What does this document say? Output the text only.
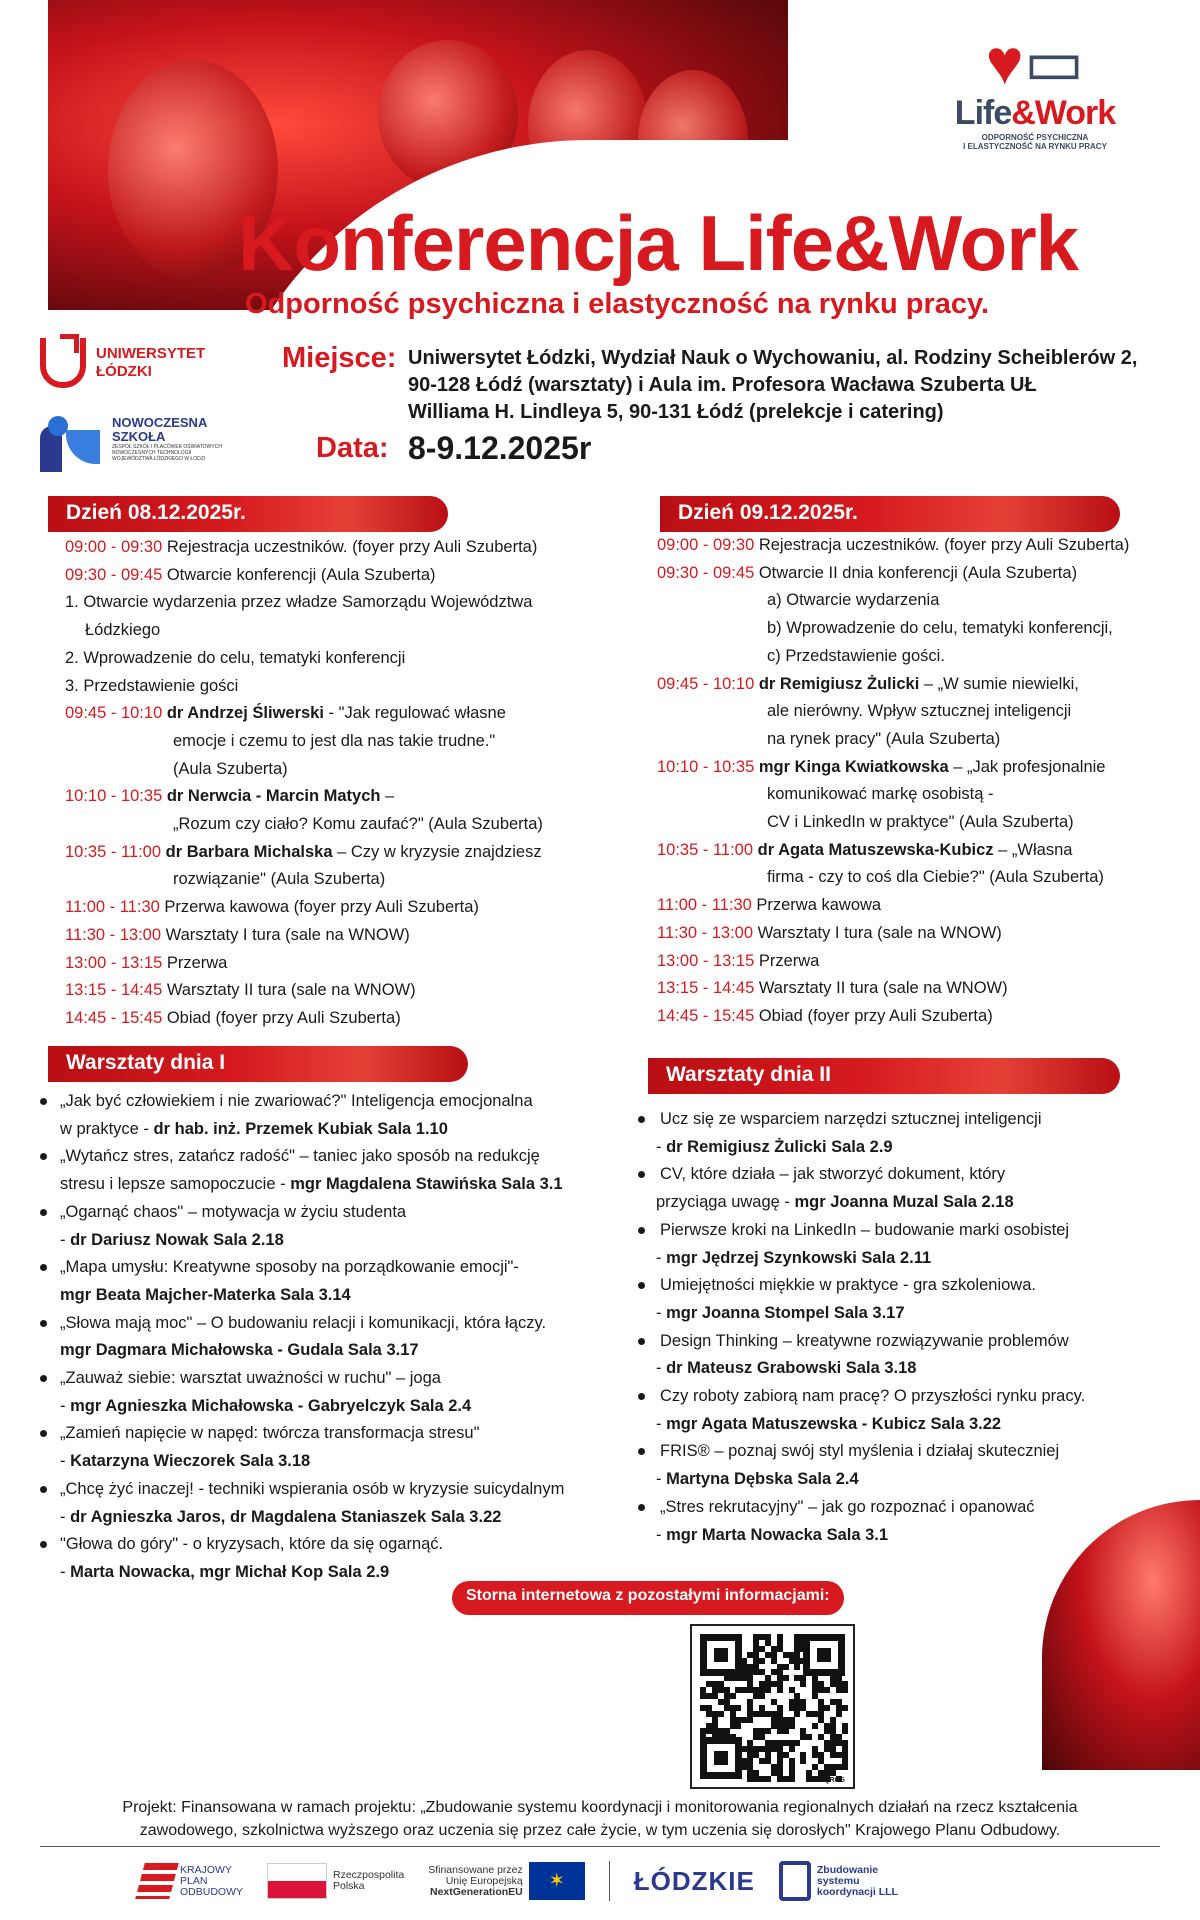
♥▭
Life&Work
ODPORNOŚĆ PSYCHICZNA
I ELASTYCZNOŚĆ NA RYNKU PRACY
Konferencja Life&Work
Odporność psychiczna i elastyczność na rynku pracy.
UNIWERSYTET
ŁÓDZKI
NOWOCZESNA
SZKOŁA
ZESPÓŁ SZKÓŁ I PLACÓWEK OŚWIATOWYCH
NOWOCZESNYCH TECHNOLOGII
WOJEWÓDZTWA ŁÓDZKIEGO W ŁODZI
Miejsce: Uniwersytet Łódzki, Wydział Nauk o Wychowaniu, al. Rodziny Scheiblerów 2,
90-128 Łódź (warsztaty) i Aula im. Profesora Wacława Szuberta UŁ
Williama H. Lindleya 5, 90-131 Łódź (prelekcje i catering)
Data: 8-9.12.2025r
Dzień 08.12.2025r.	Dzień 09.12.2025r.
09:00 - 09:30 Rejestracja uczestników. (foyer przy Auli Szuberta)
09:30 - 09:45 Otwarcie konferencji (Aula Szuberta)
1. Otwarcie wydarzenia przez władze Samorządu Województwa
Łódzkiego
2. Wprowadzenie do celu, tematyki konferencji
3. Przedstawienie gości
09:45 - 10:10 dr Andrzej Śliwerski - "Jak regulować własne
emocje i czemu to jest dla nas takie trudne."
(Aula Szuberta)
10:10 - 10:35 dr Nerwcia - Marcin Matych –
„Rozum czy ciało? Komu zaufać?" (Aula Szuberta)
10:35 - 11:00 dr Barbara Michalska – Czy w kryzysie znajdziesz
rozwiązanie" (Aula Szuberta)
11:00 - 11:30 Przerwa kawowa (foyer przy Auli Szuberta)
11:30 - 13:00 Warsztaty I tura (sale na WNOW)
13:00 - 13:15 Przerwa
13:15 - 14:45 Warsztaty II tura (sale na WNOW)
14:45 - 15:45 Obiad (foyer przy Auli Szuberta)
09:00 - 09:30 Rejestracja uczestników. (foyer przy Auli Szuberta)
09:30 - 09:45 Otwarcie II dnia konferencji (Aula Szuberta)
a) Otwarcie wydarzenia
b) Wprowadzenie do celu, tematyki konferencji,
c) Przedstawienie gości.
09:45 - 10:10 dr Remigiusz Żulicki – „W sumie niewielki,
ale nierówny. Wpływ sztucznej inteligencji
na rynek pracy" (Aula Szuberta)
10:10 - 10:35 mgr Kinga Kwiatkowska – „Jak profesjonalnie
komunikować markę osobistą -
CV i LinkedIn w praktyce" (Aula Szuberta)
10:35 - 11:00 dr Agata Matuszewska-Kubicz – „Własna
firma - czy to coś dla Ciebie?" (Aula Szuberta)
11:00 - 11:30 Przerwa kawowa
11:30 - 13:00 Warsztaty I tura (sale na WNOW)
13:00 - 13:15 Przerwa
13:15 - 14:45 Warsztaty II tura (sale na WNOW)
14:45 - 15:45 Obiad (foyer przy Auli Szuberta)
Warsztaty dnia I
Warsztaty dnia II
„Jak być człowiekiem i nie zwariować?" Inteligencja emocjonalna
w praktyce - dr hab. inż. Przemek Kubiak Sala 1.10
„Wytańcz stres, zatańcz radość" – taniec jako sposób na redukcję
stresu i lepsze samopoczucie - mgr Magdalena Stawińska Sala 3.1
„Ogarnąć chaos" – motywacja w życiu studenta
- dr Dariusz Nowak Sala 2.18
„Mapa umysłu: Kreatywne sposoby na porządkowanie emocji"-
mgr Beata Majcher-Materka Sala 3.14
„Słowa mają moc" – O budowaniu relacji i komunikacji, która łączy.
mgr Dagmara Michałowska - Gudala Sala 3.17
„Zauważ siebie: warsztat uważności w ruchu" – joga
- mgr Agnieszka Michałowska - Gabryelczyk Sala 2.4
„Zamień napięcie w napęd: twórcza transformacja stresu"
- Katarzyna Wieczorek Sala 3.18
„Chcę żyć inaczej! - techniki wspierania osób w kryzysie suicydalnym
- dr Agnieszka Jaros, dr Magdalena Staniaszek Sala 3.22
"Głowa do góry" - o kryzysach, które da się ogarnąć.
- Marta Nowacka, mgr Michał Kop Sala 2.9
Ucz się ze wsparciem narzędzi sztucznej inteligencji
- dr Remigiusz Żulicki Sala 2.9
CV, które działa – jak stworzyć dokument, który
przyciąga uwagę - mgr Joanna Muzal Sala 2.18
Pierwsze kroki na LinkedIn – budowanie marki osobistej
- mgr Jędrzej Szynkowski Sala 2.11
Umiejętności miękkie w praktyce - gra szkoleniowa.
- mgr Joanna Stompel Sala 3.17
Design Thinking – kreatywne rozwiązywanie problemów
- dr Mateusz Grabowski Sala 3.18
Czy roboty zabiorą nam pracę? O przyszłości rynku pracy.
- mgr Agata Matuszewska - Kubicz Sala 3.22
FRIS® – poznaj swój styl myślenia i działaj skuteczniej
- Martyna Dębska Sala 2.4
„Stres rekrutacyjny" – jak go rozpoznać i opanować
- mgr Marta Nowacka Sala 3.1
Storna internetowa z pozostałymi informacjami:
TQRCG
Projekt: Finansowana w ramach projektu: „Zbudowanie systemu koordynacji i monitorowania regionalnych działań na rzecz kształcenia
zawodowego, szkolnictwa wyższego oraz uczenia się przez całe życie, w tym uczenia się dorosłych" Krajowego Planu Odbudowy.
KRAJOWY
PLAN
ODBUDOWY
Rzeczpospolita
Polska
Sfinansowane przez
Unię Europejską
NextGenerationEU	✶	ŁÓDZKIE	Zbudowanie
systemu
koordynacji LLL
